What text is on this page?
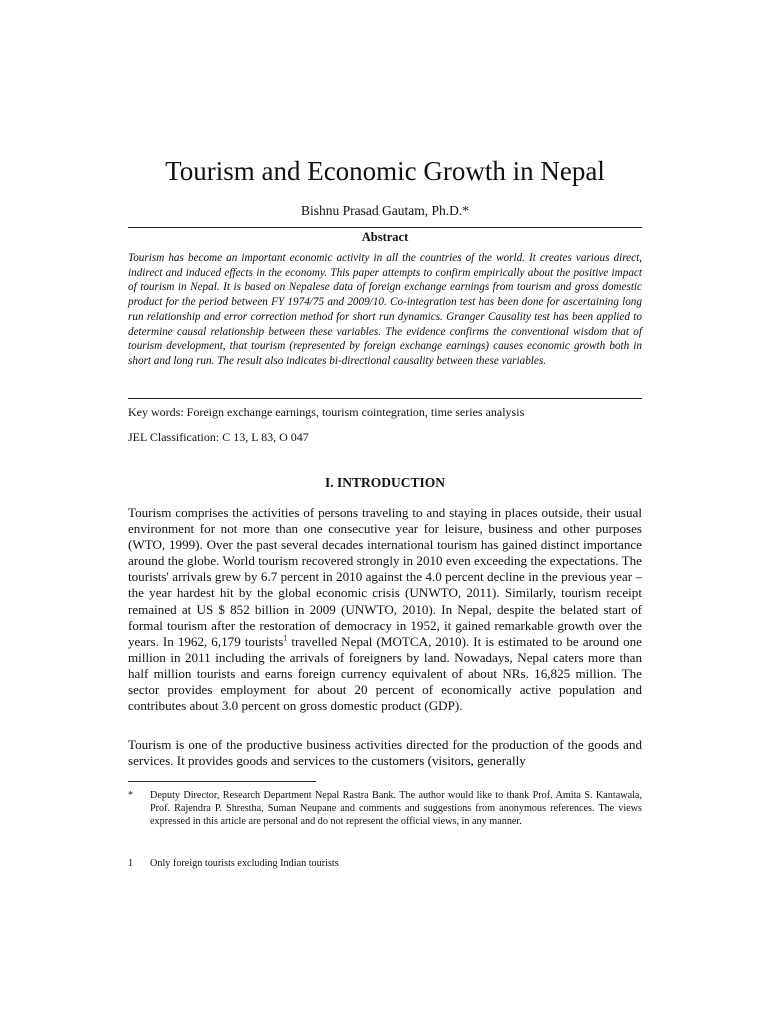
Tourism and Economic Growth in Nepal
Bishnu Prasad Gautam, Ph.D.*
Abstract

Tourism has become an important economic activity in all the countries of the world. It creates various direct, indirect and induced effects in the economy. This paper attempts to confirm empirically about the positive impact of tourism in Nepal. It is based on Nepalese data of foreign exchange earnings from tourism and gross domestic product for the period between FY 1974/75 and 2009/10. Co-integration test has been done for ascertaining long run relationship and error correction method for short run dynamics. Granger Causality test has been applied to determine causal relationship between these variables. The evidence confirms the conventional wisdom that of tourism development, that tourism (represented by foreign exchange earnings) causes economic growth both in short and long run. The result also indicates bi-directional causality between these variables.

Key words: Foreign exchange earnings, tourism cointegration, time series analysis

JEL Classification: C 13, L 83, O 047

I. INTRODUCTION

Tourism comprises the activities of persons traveling to and staying in places outside, their usual environment for not more than one consecutive year for leisure, business and other purposes (WTO, 1999). Over the past several decades international tourism has gained distinct importance around the globe. World tourism recovered strongly in 2010 even exceeding the expectations. The tourists' arrivals grew by 6.7 percent in 2010 against the 4.0 percent decline in the previous year – the year hardest hit by the global economic crisis (UNWTO, 2011). Similarly, tourism receipt remained at US $ 852 billion in 2009 (UNWTO, 2010). In Nepal, despite the belated start of formal tourism after the restoration of democracy in 1952, it gained remarkable growth over the years. In 1962, 6,179 tourists$^1$ travelled Nepal (MOTCA, 2010). It is estimated to be around one million in 2011 including the arrivals of foreigners by land. Nowadays, Nepal caters more than half million tourists and earns foreign currency equivalent of about NRs. 16,825 million. The sector provides employment for about 20 percent of economically active population and contributes about 3.0 percent on gross domestic product (GDP).

Tourism is one of the productive business activities directed for the production of the goods and services. It provides goods and services to the customers (visitors, generally

* Deputy Director, Research Department Nepal Rastra Bank. The author would like to thank Prof. Amita S. Kantawala, Prof. Rajendra P. Shrestha, Suman Neupane and comments and suggestions from anonymous references. The views expressed in this article are personal and do not represent the official views, in any manner.
1 Only foreign tourists excluding Indian tourists
